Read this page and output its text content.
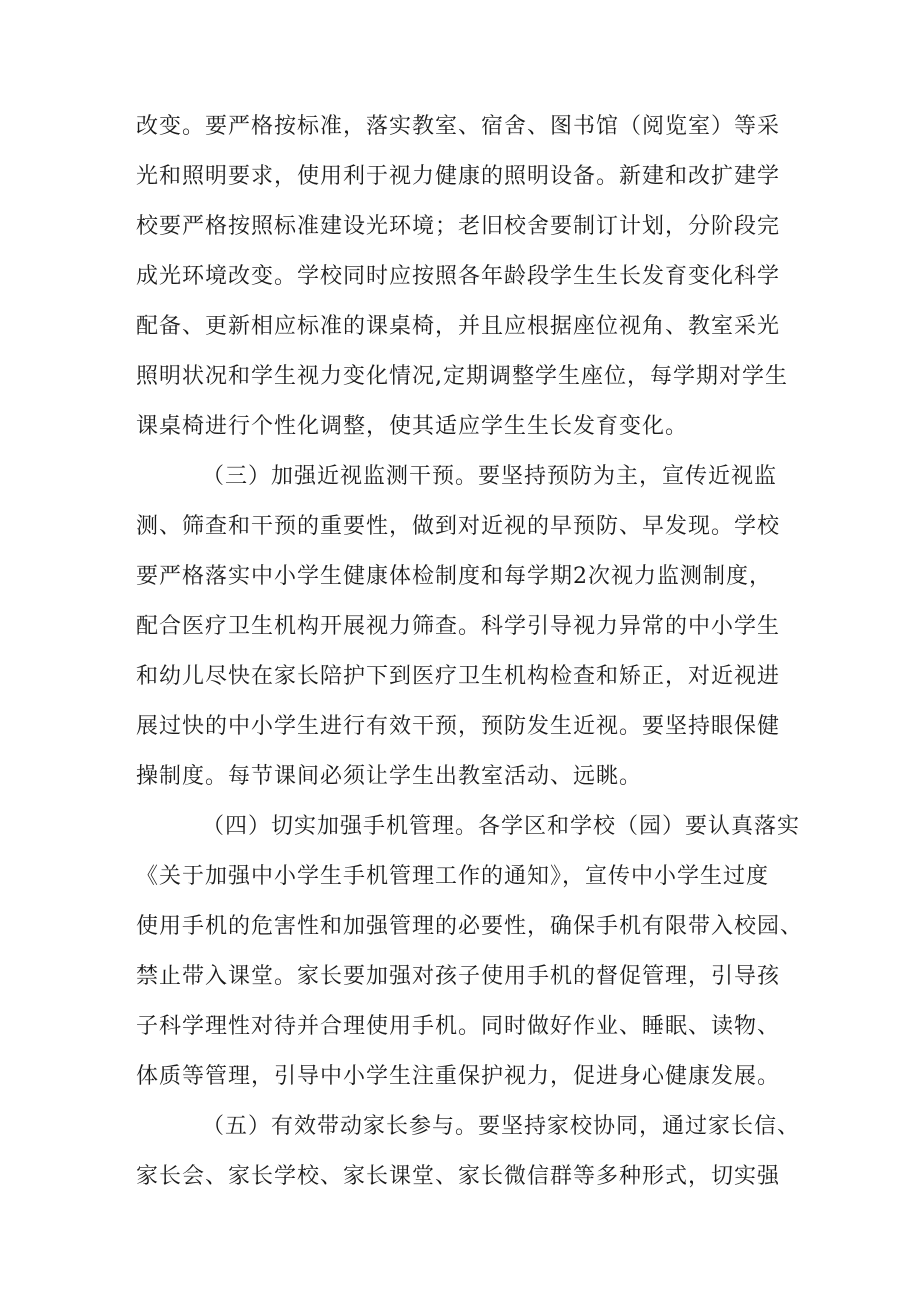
改变。要严格按标准，落实教室、宿舍、图书馆（阅览室）等采
光和照明要求，使用利于视力健康的照明设备。新建和改扩建学
校要严格按照标准建设光环境；老旧校舍要制订计划，分阶段完
成光环境改变。学校同时应按照各年龄段学生生长发育变化科学
配备、更新相应标准的课桌椅，并且应根据座位视角、教室采光
照明状况和学生视力变化情况,定期调整学生座位，每学期对学生
课桌椅进行个性化调整，使其适应学生生长发育变化。
（三）加强近视监测干预。要坚持预防为主，宣传近视监
测、筛查和干预的重要性，做到对近视的早预防、早发现。学校
要严格落实中小学生健康体检制度和每学期2次视力监测制度，
配合医疗卫生机构开展视力筛查。科学引导视力异常的中小学生
和幼儿尽快在家长陪护下到医疗卫生机构检查和矫正，对近视进
展过快的中小学生进行有效干预，预防发生近视。要坚持眼保健
操制度。每节课间必须让学生出教室活动、远眺。
（四）切实加强手机管理。各学区和学校（园）要认真落实
《关于加强中小学生手机管理工作的通知》，宣传中小学生过度
使用手机的危害性和加强管理的必要性，确保手机有限带入校园、
禁止带入课堂。家长要加强对孩子使用手机的督促管理，引导孩
子科学理性对待并合理使用手机。同时做好作业、睡眠、读物、
体质等管理，引导中小学生注重保护视力，促进身心健康发展。
（五）有效带动家长参与。要坚持家校协同，通过家长信、
家长会、家长学校、家长课堂、家长微信群等多种形式，切实强
